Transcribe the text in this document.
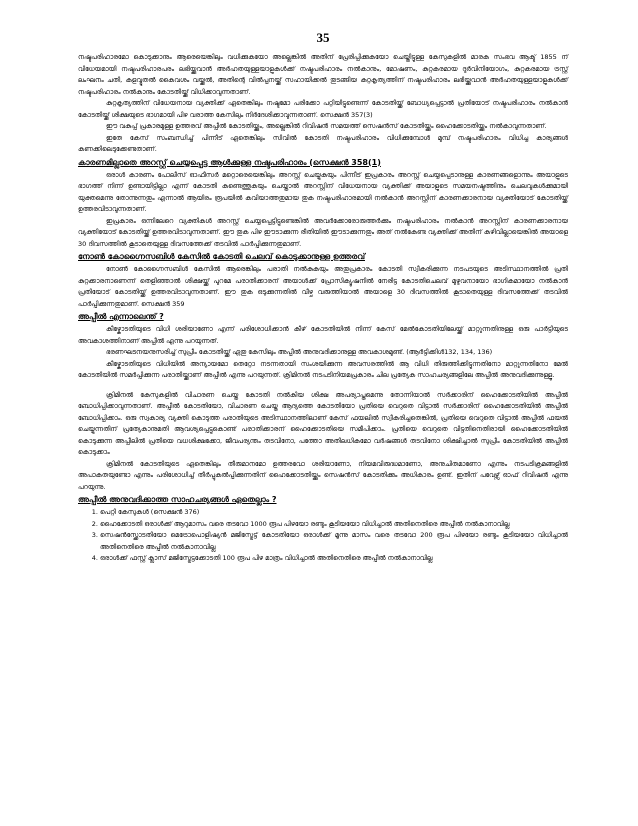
35

നഷ്ടപരിഹാരമോ കൊടുക്കാനും ആരെയെങ്കിലും വധിക്കുകയോ അല്ലെങ്കിൽ അതിന് പ്രേരിപ്പിക്കുകയോ ചെയ്തിട്ടുള്ള കേസുകളിൽ മാരക സംഭവ ആക്ട് 1855 ന് വിധേയമായി നഷ്ടപരിഹാരപരം ലഭിയ്ക്കുവാൻ അർഹതയുള്ളയാളുകൾക്ക് നഷ്ടപരിഹാരം നൽകാനും, മോഷണം, കുറ്റകരമായ ദുർവിനിയോഗം, കുറ്റകരമായ ട്രസ്റ്റ് ലംഘനം ചതി, കളവ്മുതൽ കൈവശം വയ്ക്കൽ, അതിന്റെ വിൽപ്പനയ്ക്ക് സഹായിക്കൽ തുടങ്ങിയ കുറ്റകൃത്യത്തിന് നഷ്ടപരിഹാരം ലഭിയ്ക്കുവാൻ അർഹതയുള്ളയാളുകൾക്ക് നഷ്ടപരിഹാരം നൽകാനും കോടതിയ്ക്ക് വിധിക്കാവുന്നതാണ്.

കുറ്റകൃത്യത്തിന് വിധേയനായ വ്യക്തിക്ക് ഏതെങ്കിലും നഷ്ടമോ പരിക്കോ പറ്റിയിട്ടുണ്ടെന്ന് കോടതിയ്ക്ക് ബോധ്യപ്പെട്ടാൽ പ്രതിയോട് നഷ്ടപരിഹാരം നൽകാൻ കോടതിയ്ക്ക് ശിക്ഷയുടെ ഭാഗമായി പിഴ വരാത്ത കേസിലും നിർദേശിക്കാവുന്നതാണ്. സെക്ഷൻ 357(3)

ഈ വകുപ്പ് പ്രകാരമുള്ള ഉത്തരവ് അപ്പീൽ കോടതിയ്ക്കും, അല്ലെങ്കിൽ റിവിഷൻ സമയത്ത് സെഷൻസ് കോടതിയ്ക്കും ഹൈക്കോടതിയ്ക്കും നൽകാവുന്നതാണ്.

ഇതേ കേസ് സംബന്ധിച്ച് പിന്നീട് ഏതെങ്കിലും സിവിൽ കോടതി നഷ്ടപരിഹാരം വിധിക്കുമ്പോൾ മുമ്പ് നഷ്ടപരിഹാരം വിധിച്ച കാര്യങ്ങൾ കണക്കിലെടുക്കേണ്ടതാണ്.

കാരണമില്ലാതെ അറസ്റ്റ് ചെയ്യപ്പെട്ട ആൾക്കുള്ള നഷ്ടപരിഹാരം (സെക്ഷൻ 358(1)

ഒരാൾ കാരണം പോലീസ് ഓഫീസർ മറ്റൊരെയെങ്കിലും അറസ്റ്റ് ചെയ്യുകയും പിന്നീട് ഇപ്രകാരം അറസ്റ്റ് ചെയ്യപ്പെടാനുള്ള കാരണങ്ങളൊന്നും അയാളുടെ ഭാഗത്ത് നിന്ന് ഉണ്ടായിട്ടില്ലാ എന്ന് കോടതി കണ്ടെത്തുകയും ചെയ്താൽ അറസ്റ്റിന് വിധേയനായ വ്യക്തിക്ക് അയാളുടെ സമയനഷ്ടത്തിനും ചെലവുകൾക്കുമായി യുക്തമെന്നു തോന്നുന്നതും എന്നാൽ ആയിരം രൂപയിൽ കവിയാത്തതുമായ തുക നഷ്ടപരിഹാരമായി നൽകാൻ അറസ്റ്റിന് കാരണക്കാരനായ വ്യക്തിയോട് കോടതിയ്ക്ക് ഉത്തരവിടാവുന്നതാണ്.

ഇപ്രകാരം ഒന്നിലേറെ വ്യക്തികൾ അറസ്റ്റ് ചെയ്യപ്പെട്ടിട്ടുണ്ടെങ്കിൽ അവർക്കോരോരുത്തർക്കും നഷ്ടപരിഹാരം നൽകാൻ അറസ്റ്റിന് കാരണക്കാരനായ വ്യക്തിയോട് കോടതിയ്ക്ക് ഉത്തരവിടാവുന്നതാണ്. ഈ തുക പിഴ ഈടാക്കുന്ന രീതിയിൽ ഈടാക്കുന്നതും അത് നൽകേണ്ട വ്യക്തിക്ക് അതിന് കഴിവില്ലായെങ്കിൽ അയാളെ 30 ദിവസത്തിൽ കൂടാതെയുള്ള ദിവസത്തേക്ക് തടവിൽ പാർപ്പിക്കുന്നതുമാണ്.

നോൺ കോഗ്നൈസബിൾ കേസിൽ കോടതി ചെലവ് കൊടുക്കാനുള്ള ഉത്തരവ്

നോൺ കോഗ്നൈസബിൾ കേസിൽ ആരെങ്കിലും പരാതി നൽകുകയും അതുപ്രകാരം കോടതി സ്വീകരിക്കുന്ന നടപടയുടെ അടിസ്ഥാനത്തിൽ പ്രതി കുറ്റക്കാരനാണെന്ന് തെളിഞ്ഞാൽ ശിക്ഷയ്ക്ക് പുറമേ പരാതിക്കാരന് അയാൾക്ക് പ്രോസിക്യൂഷനിൽ നേരിട്ട കോടതിചെലവ് മുഴുവനായോ ഭാഗികമായോ നൽകാൻ പ്രതിയോട് കോടതിയ്ക്ക് ഉത്തരവിടാവുന്നതാണ്. ഈ തുക ഒടുക്കുന്നതിൽ വീഴ്ച വരുത്തിയാൽ അയാളെ 30 ദിവസത്തിൽ കൂടാതെയുള്ള ദിവസത്തേക്ക് തടവിൽ പാർപ്പിക്കുന്നതുമാണ്. സെക്ഷൻ 359

അപ്പീൽ എന്നാലെന്ത് ?

കീഴ്കോടതിയുടെ വിധി ശരിയാണോ എന്ന് പരിശോധിക്കാൻ കീഴ് കോടതിയിൽ നിന്ന് കേസ് മേൽകോടതിയിലേയ്ക്ക് മാറ്റുന്നതിനുള്ള ഒരു പാർട്ടിയുടെ അവകാശത്തിനാണ് അപ്പീൽ എന്നു പറയുന്നത്.

ഭരണഘടനയനുസരിച്ച് സുപ്രീം കോടതിയ്ക്ക് ഏതു കേസിലും അപ്പീൽ അനുവദിക്കാനുള്ള അവകാശമുണ്ട്. (ആർട്ടിക്കിൾ132, 134, 136)

കീഴ്കോടതിയുടെ വിധിയിൽ അന്യായമോ തെറ്റോ നടന്നതായി സംശയിക്കുന്ന അവസരത്തിൽ ആ വിധി തിരുത്തിക്കിട്ടുന്നതിനോ മാറ്റുന്നതിനോ മേൽ കോടതിയിൽ സമർപ്പിക്കുന്ന പരാതിയ്ക്കാണ് അപ്പീൽ എന്നു പറയുന്നത്. ക്രിമിനൽ നടപടിനിയമപ്രകാരം ചില പ്രത്യേക സാഹചര്യങ്ങളിലേ അപ്പീൽ അനുവദിക്കുന്നുള്ളൂ.

ക്രിമിനൽ കേസുകളിൽ വിചാരണ ചെയ്ത കോടതി നൽകിയ ശിക്ഷ അപര്യാപ്തമെന്നു തോന്നിയാൽ സർക്കാരിന് ഹൈക്കോടതിയിൽ അപ്പീൽ ബോധിപ്പിക്കാവുന്നതാണ്. അപ്പീൽ കോടതിയോ, വിചാരണ ചെയ്ത ആദ്യത്തെ കോടതിയോ പ്രതിയെ വെറുതെ വിട്ടാൽ സർക്കാരിന് ഹൈക്കോടതിയിൽ അപ്പീൽ ബോധിപ്പിക്കാം. ഒരു സ്വകാര്യ വ്യക്തി കൊടുത്ത പരാതിയുടെ അടിസ്ഥാനത്തിലാണ് കേസ് ഫയലിൽ സ്വീകരിച്ചതെങ്കിൽ, പ്രതിയെ വെറുതെ വിട്ടാൽ അപ്പീൽ ഫയൽ ചെയ്യുന്നതിന് പ്രത്യേകാനുമതി ആവശ്യപ്പെട്ടുകൊണ്ട് പരാതിക്കാരന് ഹൈക്കോടതിയെ സമീപിക്കാം. പ്രതിയെ വെറുതെ വിട്ടതിനെതിരായി ഹൈക്കോടതിയിൽ കൊടുക്കുന്ന അപ്പീലിൽ പ്രതിയെ വധശിക്ഷക്കോ, ജീവപര്യന്തം തടവിനോ, പത്തോ അതിലധികമോ വർഷങ്ങൾ തടവിനോ ശിക്ഷിച്ചാൽ സുപ്രീം കോടതിയിൽ അപ്പീൽ കൊടുക്കാം

ക്രിമിനൽ കോടതിയുടെ ഏതെങ്കിലും തീരുമാനമോ ഉത്തരവോ ശരിയാണോ, നിയമവിരുദ്ധമാണോ, അനുചിതമാണോ എന്നും നടപടിക്രമങ്ങളിൽ അപാകതയുണ്ടോ എന്നും പരിശോധിച്ച് തീർപ്പുകൽപ്പിക്കുന്നതിന് ഹൈക്കോടതിയ്ക്കും സെഷൻസ് കോടതിക്കും അധികാരം ഉണ്ട്. ഇതിന് പവേഴ്സ് ഓഫ് റിവിഷൻ എന്നു പറയുന്നു.

അപ്പീൽ അനുവദിക്കാത്ത സാഹചര്യങ്ങൾ ഏതെല്ലാം ?
1. പെറ്റി കേസുകൾ (സെക്ഷൻ 376)
2. ഹൈക്കോടതി ഒരാൾക്ക് ആറുമാസം വരെ തടവോ 1000 രൂപ പിഴയോ രണ്ടും കൂടിയയോ വിധിച്ചാൽ അതിനെതിരെ അപ്പീൽ നൽകാനാവില്ല
3. സെഷൻസ്ക്കോടതിയോ മെട്രോപൊളിഷ്യൻ മജിസ്ട്രേട്ട് കോടതിയോ ഒരാൾക്ക് മൂന്നു മാസം വരെ തടവോ 200 രൂപ പിഴയോ രണ്ടും കൂടിയയോ വിധിച്ചാൽ അതിനെതിരെ അപ്പീൽ നൽകാനാവില്ല
4. ഒരാൾക്ക് ഫസ്റ്റ് ക്ലാസ് മജിസ്ട്രേട്ടക്കോടതി 100 രൂപ പിഴ മാത്രം വിധിച്ചാൽ അതിനെതിരെ അപ്പീൽ നൽകാനാവില്ല
